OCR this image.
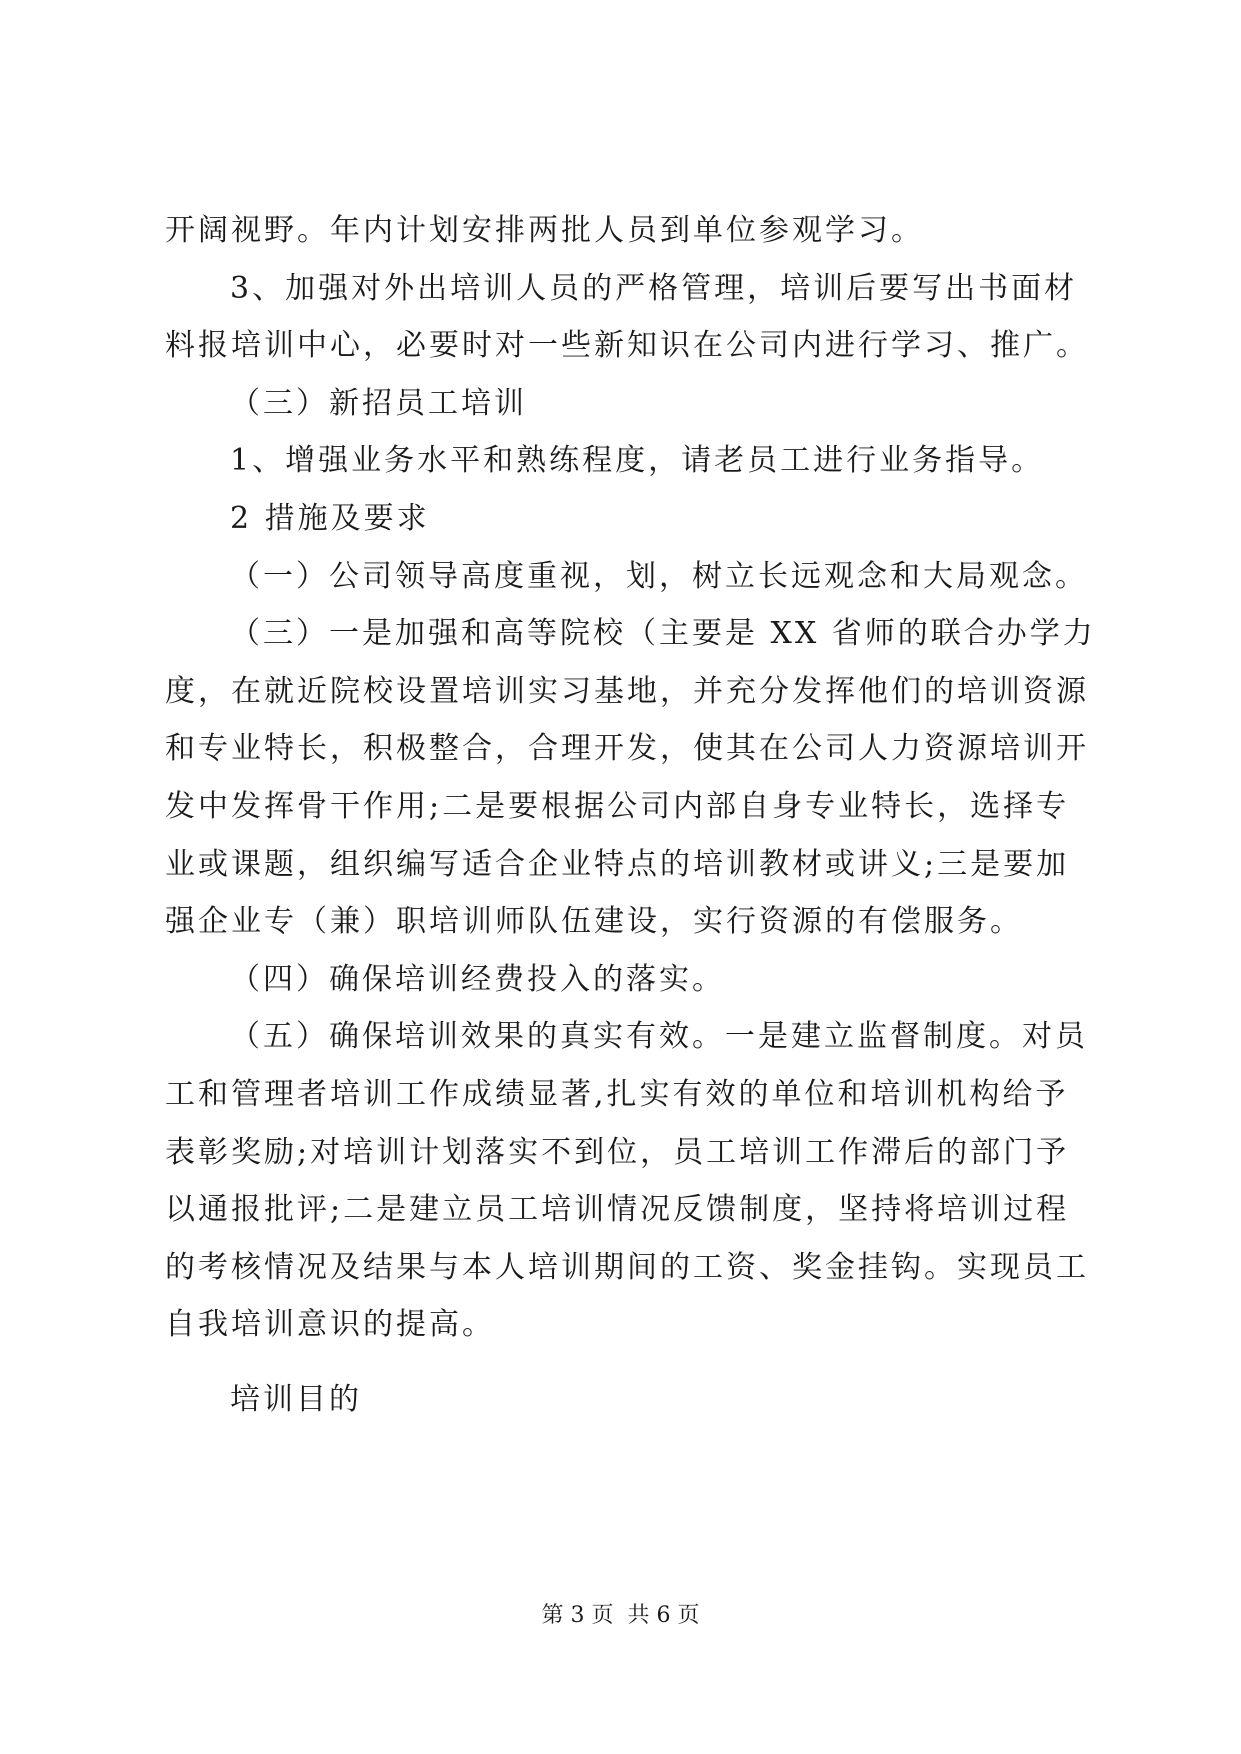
开阔视野。年内计划安排两批人员到单位参观学习。
3、加强对外出培训人员的严格管理，培训后要写出书面材
料报培训中心，必要时对一些新知识在公司内进行学习、推广。
（三）新招员工培训
1、增强业务水平和熟练程度，请老员工进行业务指导。
2 措施及要求
（一）公司领导高度重视，划，树立长远观念和大局观念。
（三）一是加强和高等院校（主要是 XX 省师的联合办学力
度，在就近院校设置培训实习基地，并充分发挥他们的培训资源
和专业特长，积极整合，合理开发，使其在公司人力资源培训开
发中发挥骨干作用;二是要根据公司内部自身专业特长，选择专
业或课题，组织编写适合企业特点的培训教材或讲义;三是要加
强企业专（兼）职培训师队伍建设，实行资源的有偿服务。
（四）确保培训经费投入的落实。
（五）确保培训效果的真实有效。一是建立监督制度。对员
工和管理者培训工作成绩显著,扎实有效的单位和培训机构给予
表彰奖励;对培训计划落实不到位，员工培训工作滞后的部门予
以通报批评;二是建立员工培训情况反馈制度，坚持将培训过程
的考核情况及结果与本人培训期间的工资、奖金挂钩。实现员工
自我培训意识的提高。
培训目的
第 3 页  共 6 页
